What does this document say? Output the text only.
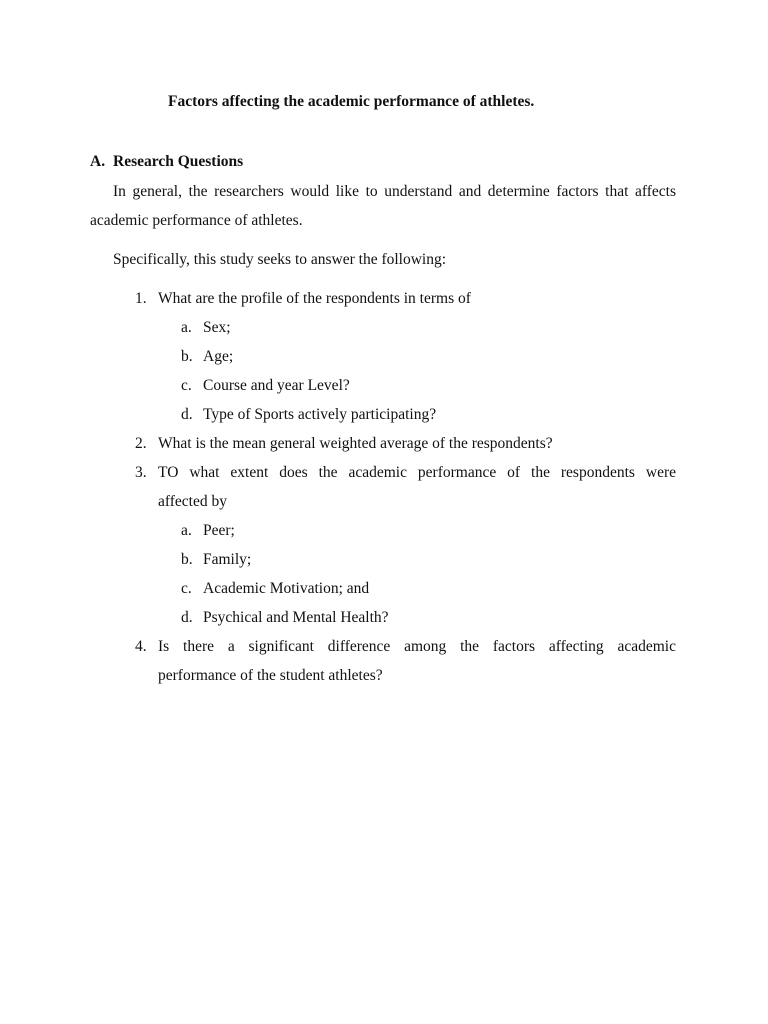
Factors affecting the academic performance of athletes.
A. Research Questions
In general, the researchers would like to understand and determine factors that affects
academic performance of athletes.
Specifically, this study seeks to answer the following:
1. What are the profile of the respondents in terms of
a. Sex;
b. Age;
c. Course and year Level?
d. Type of Sports actively participating?
2. What is the mean general weighted average of the respondents?
3. TO what extent does the academic performance of the respondents were
affected by
a. Peer;
b. Family;
c. Academic Motivation; and
d. Psychical and Mental Health?
4. Is there a significant difference among the factors affecting academic
performance of the student athletes?
